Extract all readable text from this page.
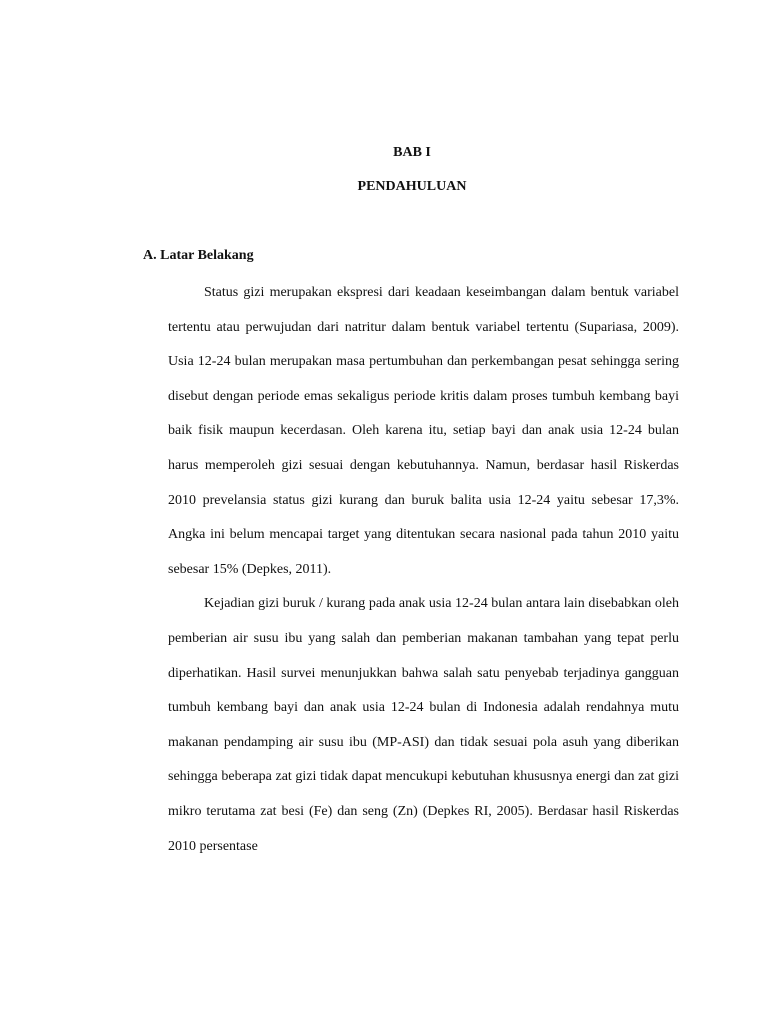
BAB I
PENDAHULUAN
A. Latar Belakang

Status gizi merupakan ekspresi dari keadaan keseimbangan dalam bentuk variabel tertentu atau perwujudan dari natritur dalam bentuk variabel tertentu (Supariasa, 2009). Usia 12-24 bulan merupakan masa pertumbuhan dan perkembangan pesat sehingga sering disebut dengan periode emas sekaligus periode kritis dalam proses tumbuh kembang bayi baik fisik maupun kecerdasan. Oleh karena itu, setiap bayi dan anak usia 12-24 bulan harus memperoleh gizi sesuai dengan kebutuhannya. Namun, berdasar hasil Riskerdas 2010 prevelansia status gizi kurang dan buruk balita usia 12-24 yaitu sebesar 17,3%. Angka ini belum mencapai target yang ditentukan secara nasional pada tahun 2010 yaitu sebesar 15% (Depkes, 2011).

Kejadian gizi buruk / kurang pada anak usia 12-24 bulan antara lain disebabkan oleh pemberian air susu ibu yang salah dan pemberian makanan tambahan yang tepat perlu diperhatikan. Hasil survei menunjukkan bahwa salah satu penyebab terjadinya gangguan tumbuh kembang bayi dan anak usia 12-24 bulan di Indonesia adalah rendahnya mutu makanan pendamping air susu ibu (MP-ASI) dan tidak sesuai pola asuh yang diberikan sehingga beberapa zat gizi tidak dapat mencukupi kebutuhan khususnya energi dan zat gizi mikro terutama zat besi (Fe) dan seng (Zn) (Depkes RI, 2005). Berdasar hasil Riskerdas 2010 persentase
